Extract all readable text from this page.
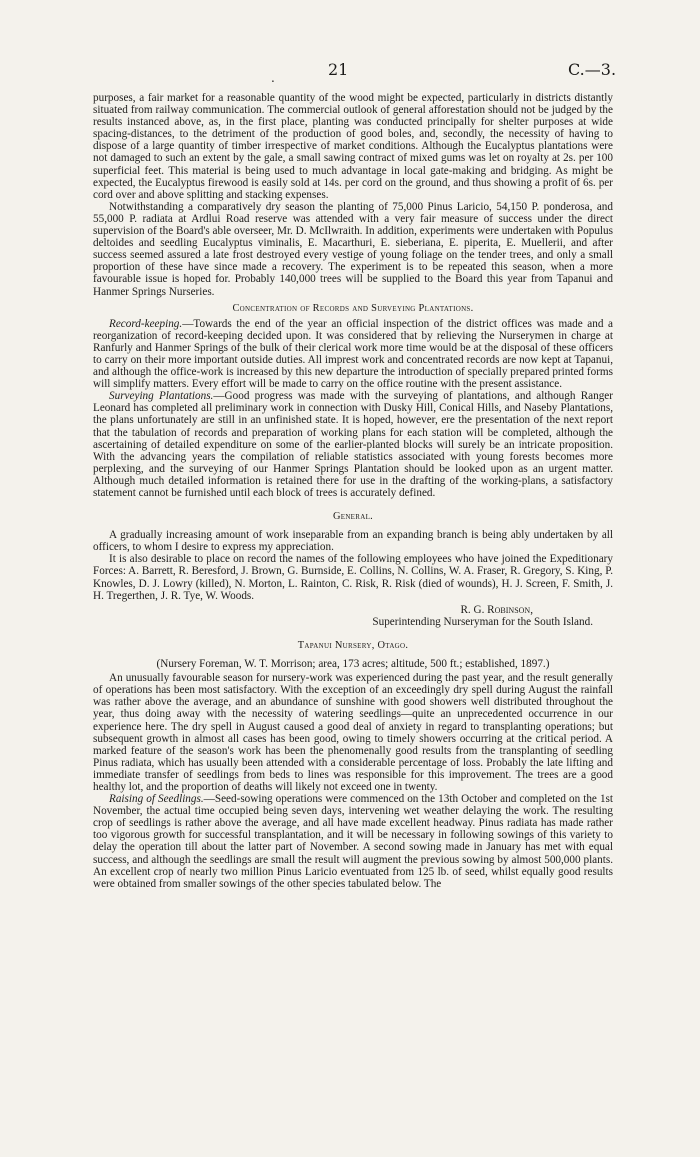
.	21	C.—3.

purposes, a fair market for a reasonable quantity of the wood might be expected, particularly in districts distantly situated from railway communication. The commercial outlook of general afforestation should not be judged by the results instanced above, as, in the first place, planting was conducted principally for shelter purposes at wide spacing-distances, to the detriment of the production of good boles, and, secondly, the necessity of having to dispose of a large quantity of timber irrespective of market conditions. Although the Eucalyptus plantations were not damaged to such an extent by the gale, a small sawing contract of mixed gums was let on royalty at 2s. per 100 superficial feet. This material is being used to much advantage in local gate-making and bridging. As might be expected, the Eucalyptus firewood is easily sold at 14s. per cord on the ground, and thus showing a profit of 6s. per cord over and above splitting and stacking expenses.

Notwithstanding a comparatively dry season the planting of 75,000 Pinus Laricio, 54,150 P. ponderosa, and 55,000 P. radiata at Ardlui Road reserve was attended with a very fair measure of success under the direct supervision of the Board's able overseer, Mr. D. McIlwraith. In addition, experiments were undertaken with Populus deltoides and seedling Eucalyptus viminalis, E. Macarthuri, E. sieberiana, E. piperita, E. Muellerii, and after success seemed assured a late frost destroyed every vestige of young foliage on the tender trees, and only a small proportion of these have since made a recovery. The experiment is to be repeated this season, when a more favourable issue is hoped for. Probably 140,000 trees will be supplied to the Board this year from Tapanui and Hanmer Springs Nurseries.

Concentration of Records and Surveying Plantations.

Record-keeping.—Towards the end of the year an official inspection of the district offices was made and a reorganization of record-keeping decided upon. It was considered that by relieving the Nurserymen in charge at Ranfurly and Hanmer Springs of the bulk of their clerical work more time would be at the disposal of these officers to carry on their more important outside duties. All imprest work and concentrated records are now kept at Tapanui, and although the office-work is increased by this new departure the introduction of specially prepared printed forms will simplify matters. Every effort will be made to carry on the office routine with the present assistance.

Surveying Plantations.—Good progress was made with the surveying of plantations, and although Ranger Leonard has completed all preliminary work in connection with Dusky Hill, Conical Hills, and Naseby Plantations, the plans unfortunately are still in an unfinished state. It is hoped, however, ere the presentation of the next report that the tabulation of records and preparation of working plans for each station will be completed, although the ascertaining of detailed expenditure on some of the earlier-planted blocks will surely be an intricate proposition. With the advancing years the compilation of reliable statistics associated with young forests becomes more perplexing, and the surveying of our Hanmer Springs Plantation should be looked upon as an urgent matter. Although much detailed information is retained there for use in the drafting of the working-plans, a satisfactory statement cannot be furnished until each block of trees is accurately defined.

General.

A gradually increasing amount of work inseparable from an expanding branch is being ably undertaken by all officers, to whom I desire to express my appreciation.

It is also desirable to place on record the names of the following employees who have joined the Expeditionary Forces: A. Barrett, R. Beresford, J. Brown, G. Burnside, E. Collins, N. Collins, W. A. Fraser, R. Gregory, S. King, P. Knowles, D. J. Lowry (killed), N. Morton, L. Rainton, C. Risk, R. Risk (died of wounds), H. J. Screen, F. Smith, J. H. Tregerthen, J. R. Tye, W. Woods.

R. G. Robinson,
Superintending Nurseryman for the South Island.
Tapanui Nursery, Otago.
(Nursery Foreman, W. T. Morrison; area, 173 acres; altitude, 500 ft.; established, 1897.)

An unusually favourable season for nursery-work was experienced during the past year, and the result generally of operations has been most satisfactory. With the exception of an exceedingly dry spell during August the rainfall was rather above the average, and an abundance of sunshine with good showers well distributed throughout the year, thus doing away with the necessity of watering seedlings—quite an unprecedented occurrence in our experience here. The dry spell in August caused a good deal of anxiety in regard to transplanting operations; but subsequent growth in almost all cases has been good, owing to timely showers occurring at the critical period. A marked feature of the season's work has been the phenomenally good results from the transplanting of seedling Pinus radiata, which has usually been attended with a considerable percentage of loss. Probably the late lifting and immediate transfer of seedlings from beds to lines was responsible for this improvement. The trees are a good healthy lot, and the proportion of deaths will likely not exceed one in twenty.

Raising of Seedlings.—Seed-sowing operations were commenced on the 13th October and completed on the 1st November, the actual time occupied being seven days, intervening wet weather delaying the work. The resulting crop of seedlings is rather above the average, and all have made excellent headway. Pinus radiata has made rather too vigorous growth for successful transplantation, and it will be necessary in following sowings of this variety to delay the operation till about the latter part of November. A second sowing made in January has met with equal success, and although the seedlings are small the result will augment the previous sowing by almost 500,000 plants. An excellent crop of nearly two million Pinus Laricio eventuated from 125 lb. of seed, whilst equally good results were obtained from smaller sowings of the other species tabulated below. The
